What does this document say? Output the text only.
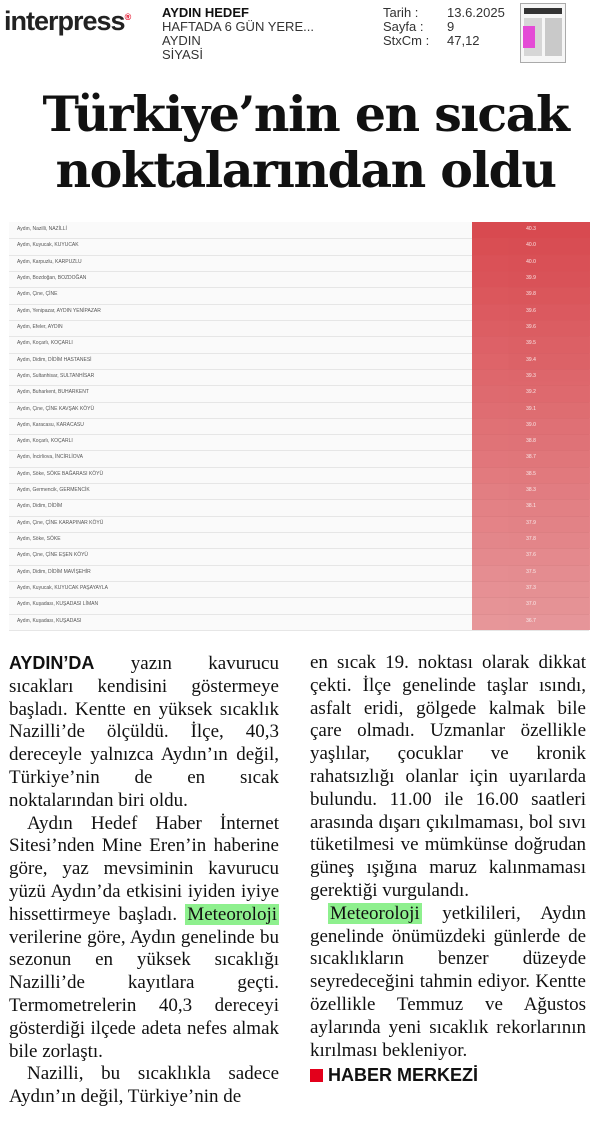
interpress® AYDIN HEDEF
HAFTADA 6 GÜN YERE...
AYDIN
SİYASİ
Tarih :	13.6.2025
Sayfa :	9
StxCm :	47,12
Türkiye’nin en sıcak
noktalarından oldu
Aydın, Nazilli, NAZİLLİ	40.3
Aydın, Kuyucak, KUYUCAK	40.0
Aydın, Karpuzlu, KARPUZLU	40.0
Aydın, Bozdoğan, BOZDOĞAN	39.9
Aydın, Çine, ÇİNE	39.8
Aydın, Yenipazar, AYDIN YENİPAZAR	39.6
Aydın, Efeler, AYDIN	39.6
Aydın, Koçarlı, KOÇARLI	39.5
Aydın, Didim, DİDİM HASTANESİ	39.4
Aydın, Sultanhisar, SULTANHİSAR	39.3
Aydın, Buharkent, BUHARKENT	39.2
Aydın, Çine, ÇİNE KAVŞAK KÖYÜ	39.1
Aydın, Karacasu, KARACASU	39.0
Aydın, Koçarlı, KOÇARLI	38.8
Aydın, İncirliova, İNCİRLİOVA	38.7
Aydın, Söke, SÖKE BAĞARASI KÖYÜ	38.5
Aydın, Germencik, GERMENCİK	38.3
Aydın, Didim, DİDİM	38.1
Aydın, Çine, ÇİNE KARAPINAR KÖYÜ	37.9
Aydın, Söke, SÖKE	37.8
Aydın, Çine, ÇİNE EŞEN KÖYÜ	37.6
Aydın, Didim, DİDİM MAVİŞEHİR	37.5
Aydın, Kuyucak, KUYUCAK PAŞAYAYLA	37.3
Aydın, Kuşadası, KUŞADASI LİMAN	37.0
Aydın, Kuşadası, KUŞADASI	36.7

AYDIN’DA yazın kavurucu sıcakları kendisini göstermeye başladı. Kentte en yüksek sıcaklık Nazilli’de ölçüldü. İlçe, 40,3 dereceyle yalnızca Aydın’ın değil, Türkiye’nin de en sıcak noktalarından biri oldu.

Aydın Hedef Haber İnternet Sitesi’nden Mine Eren’in haberine göre, yaz mevsiminin kavurucu yüzü Aydın’da etkisini iyiden iyiye hissettirmeye başladı. Meteoroloji verilerine göre, Aydın genelinde bu sezonun en yüksek sıcaklığı Nazilli’de kayıtlara geçti. Termometrelerin 40,3 dereceyi gösterdiği ilçede adeta nefes almak bile zorlaştı.

Nazilli, bu sıcaklıkla sadece Aydın’ın değil, Türkiye’nin de

en sıcak 19. noktası olarak dikkat çekti. İlçe genelinde taşlar ısındı, asfalt eridi, gölgede kalmak bile çare olmadı. Uzmanlar özellikle yaşlılar, çocuklar ve kronik rahatsızlığı olanlar için uyarılarda bulundu. 11.00 ile 16.00 saatleri arasında dışarı çıkılmaması, bol sıvı tüketilmesi ve mümkünse doğrudan güneş ışığına maruz kalınmaması gerektiği vurgulandı.

Meteoroloji yetkilileri, Aydın genelinde önümüzdeki günlerde de sıcaklıkların benzer düzeyde seyredeceğini tahmin ediyor. Kentte özellikle Temmuz ve Ağustos aylarında yeni sıcaklık rekorlarının kırılması bekleniyor.

HABER MERKEZİ
